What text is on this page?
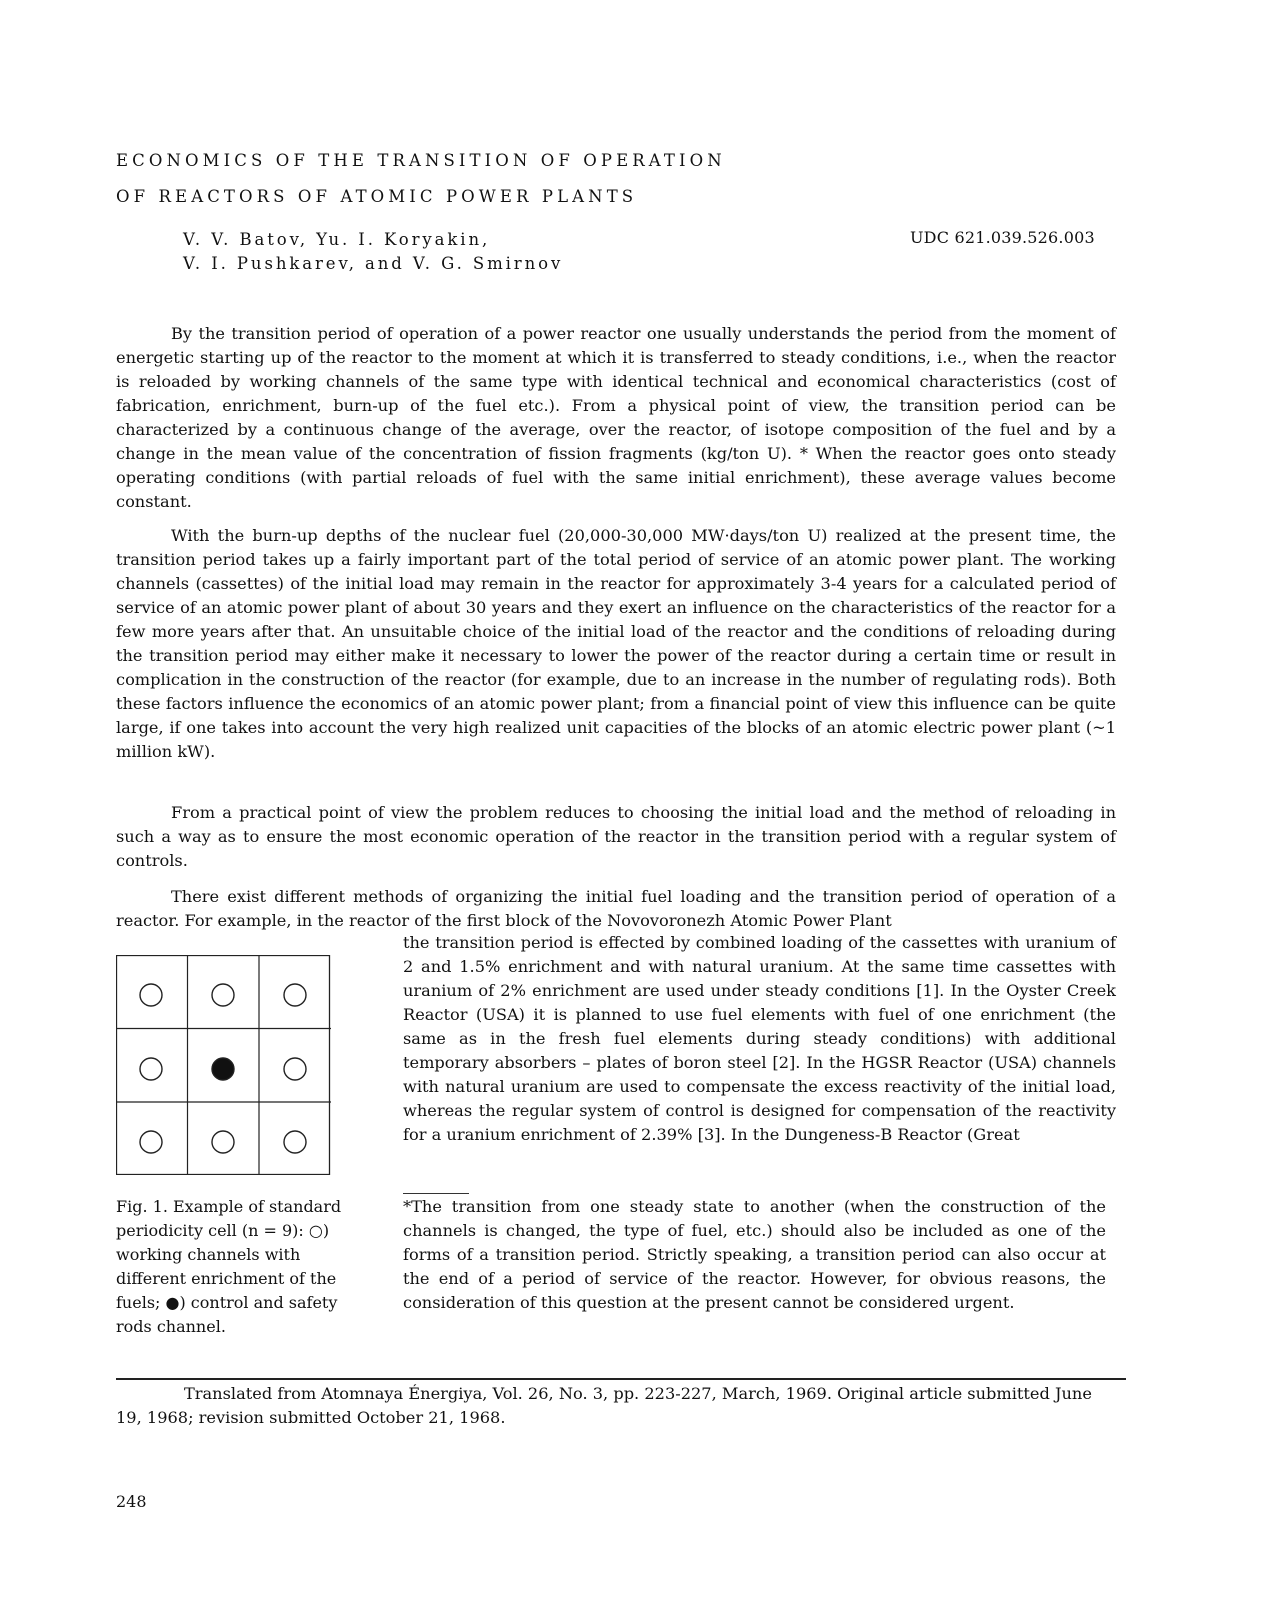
ECONOMICS OF THE TRANSITION OF OPERATION
OF REACTORS OF ATOMIC POWER PLANTS
V. V. Batov, Yu. I. Koryakin,
V. I. Pushkarev, and V. G. Smirnov
UDC 621.039.526.003

By the transition period of operation of a power reactor one usually understands the period from the moment of energetic starting up of the reactor to the moment at which it is transferred to steady conditions, i.e., when the reactor is reloaded by working channels of the same type with identical technical and economical characteristics (cost of fabrication, enrichment, burn-up of the fuel etc.). From a physical point of view, the transition period can be characterized by a continuous change of the average, over the reactor, of isotope composition of the fuel and by a change in the mean value of the concentration of fission fragments (kg/ton U). * When the reactor goes onto steady operating conditions (with partial reloads of fuel with the same initial enrichment), these average values become constant.

With the burn-up depths of the nuclear fuel (20,000-30,000 MW·days/ton U) realized at the present time, the transition period takes up a fairly important part of the total period of service of an atomic power plant. The working channels (cassettes) of the initial load may remain in the reactor for approximately 3-4 years for a calculated period of service of an atomic power plant of about 30 years and they exert an influence on the characteristics of the reactor for a few more years after that. An unsuitable choice of the initial load of the reactor and the conditions of reloading during the transition period may either make it necessary to lower the power of the reactor during a certain time or result in complication in the construction of the reactor (for example, due to an increase in the number of regulating rods). Both these factors influence the economics of an atomic power plant; from a financial point of view this influence can be quite large, if one takes into account the very high realized unit capacities of the blocks of an atomic electric power plant (~1 million kW).

From a practical point of view the problem reduces to choosing the initial load and the method of reloading in such a way as to ensure the most economic operation of the reactor in the transition period with a regular system of controls.

There exist different methods of organizing the initial fuel loading and the transition period of operation of a reactor. For example, in the reactor of the first block of the Novovoronezh Atomic Power Plant

the transition period is effected by combined loading of the cassettes with uranium of 2 and 1.5% enrichment and with natural uranium. At the same time cassettes with uranium of 2% enrichment are used under steady conditions [1]. In the Oyster Creek Reactor (USA) it is planned to use fuel elements with fuel of one enrichment (the same as in the fresh fuel elements during steady conditions) with additional temporary absorbers – plates of boron steel [2]. In the HGSR Reactor (USA) channels with natural uranium are used to compensate the excess reactivity of the initial load, whereas the regular system of control is designed for compensation of the reactivity for a uranium enrichment of 2.39% [3]. In the Dungeness-B Reactor (Great

Fig. 1. Example of standard periodicity cell (n = 9): ○) working channels with different enrichment of the fuels; ●) control and safety rods channel.

*The transition from one steady state to another (when the construction of the channels is changed, the type of fuel, etc.) should also be included as one of the forms of a transition period. Strictly speaking, a transition period can also occur at the end of a period of service of the reactor. However, for obvious reasons, the consideration of this question at the present cannot be considered urgent.

Translated from Atomnaya Énergiya, Vol. 26, No. 3, pp. 223-227, March, 1969. Original article submitted June 19, 1968; revision submitted October 21, 1968.

248
